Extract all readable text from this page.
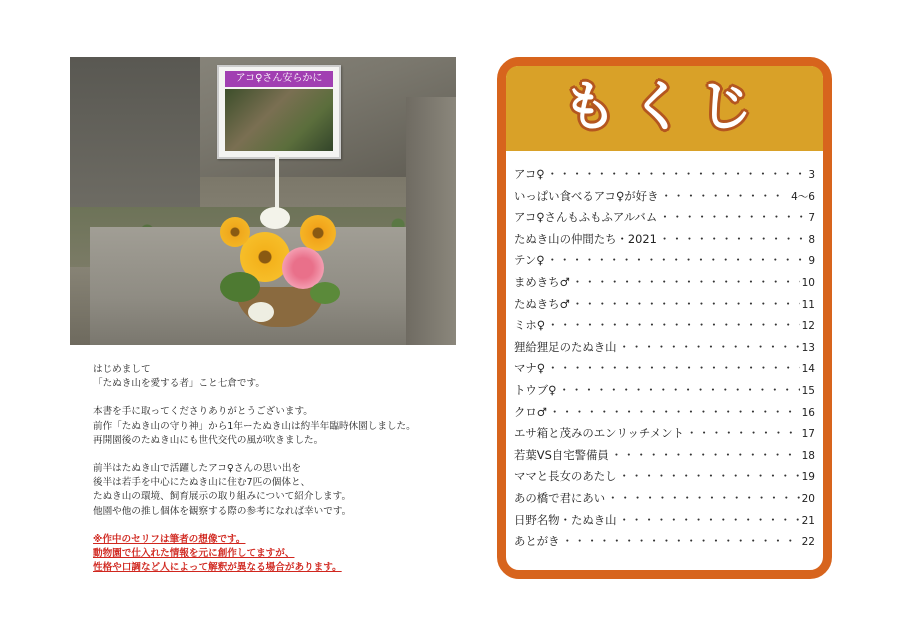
アコ♀さん安らかに

はじめまして
「たぬき山を愛する者」こと七倉です。

本書を手に取ってくださりありがとうございます。
前作「たぬき山の守り神」から1年ーたぬき山は約半年臨時休園しました。
再開園後のたぬき山にも世代交代の風が吹きました。

前半はたぬき山で活躍したアコ♀さんの思い出を
後半は若手を中心にたぬき山に住む7匹の個体と、
たぬき山の環境、飼育展示の取り組みについて紹介します。
他園や他の推し個体を観察する際の参考になれば幸いです。

※作中のセリフは筆者の想像です。
動物園で仕入れた情報を元に創作してますが、
性格や口調など人によって解釈が異なる場合があります。
もくじ
アコ♀ ・・・・・・・・・・・・・・・・・・・・・・・・・・・・・・・・・・・・・・・・・・・・・・・・	3
いっぱい食べるアコ♀が好き ・・・・・・・・・・・・・・・・・・・・・・・・・・・・・・・・・・・・・・・・・・・・・・・・	4〜6
アコ♀さんもふもふアルバム ・・・・・・・・・・・・・・・・・・・・・・・・・・・・・・・・・・・・・・・・・・・・・・・・	7
たぬき山の仲間たち・2021 ・・・・・・・・・・・・・・・・・・・・・・・・・・・・・・・・・・・・・・・・・・・・・・・・	8
テン♀ ・・・・・・・・・・・・・・・・・・・・・・・・・・・・・・・・・・・・・・・・・・・・・・・・	9
まめきち♂ ・・・・・・・・・・・・・・・・・・・・・・・・・・・・・・・・・・・・・・・・・・・・・・・・	10
たぬきち♂ ・・・・・・・・・・・・・・・・・・・・・・・・・・・・・・・・・・・・・・・・・・・・・・・・	11
ミホ♀ ・・・・・・・・・・・・・・・・・・・・・・・・・・・・・・・・・・・・・・・・・・・・・・・・	12
狸給狸足のたぬき山 ・・・・・・・・・・・・・・・・・・・・・・・・・・・・・・・・・・・・・・・・・・・・・・・・	13
マナ♀ ・・・・・・・・・・・・・・・・・・・・・・・・・・・・・・・・・・・・・・・・・・・・・・・・	14
トウブ♀ ・・・・・・・・・・・・・・・・・・・・・・・・・・・・・・・・・・・・・・・・・・・・・・・・	15
クロ♂ ・・・・・・・・・・・・・・・・・・・・・・・・・・・・・・・・・・・・・・・・・・・・・・・・	16
エサ箱と茂みのエンリッチメント ・・・・・・・・・・・・・・・・・・・・・・・・・・・・・・・・・・・・・・・・・・・・・・・・	17
若葉VS自宅警備員 ・・・・・・・・・・・・・・・・・・・・・・・・・・・・・・・・・・・・・・・・・・・・・・・・	18
ママと長女のあたし ・・・・・・・・・・・・・・・・・・・・・・・・・・・・・・・・・・・・・・・・・・・・・・・・	19
あの橋で君にあい ・・・・・・・・・・・・・・・・・・・・・・・・・・・・・・・・・・・・・・・・・・・・・・・・	20
日野名物・たぬき山 ・・・・・・・・・・・・・・・・・・・・・・・・・・・・・・・・・・・・・・・・・・・・・・・・	21
あとがき ・・・・・・・・・・・・・・・・・・・・・・・・・・・・・・・・・・・・・・・・・・・・・・・・	22
